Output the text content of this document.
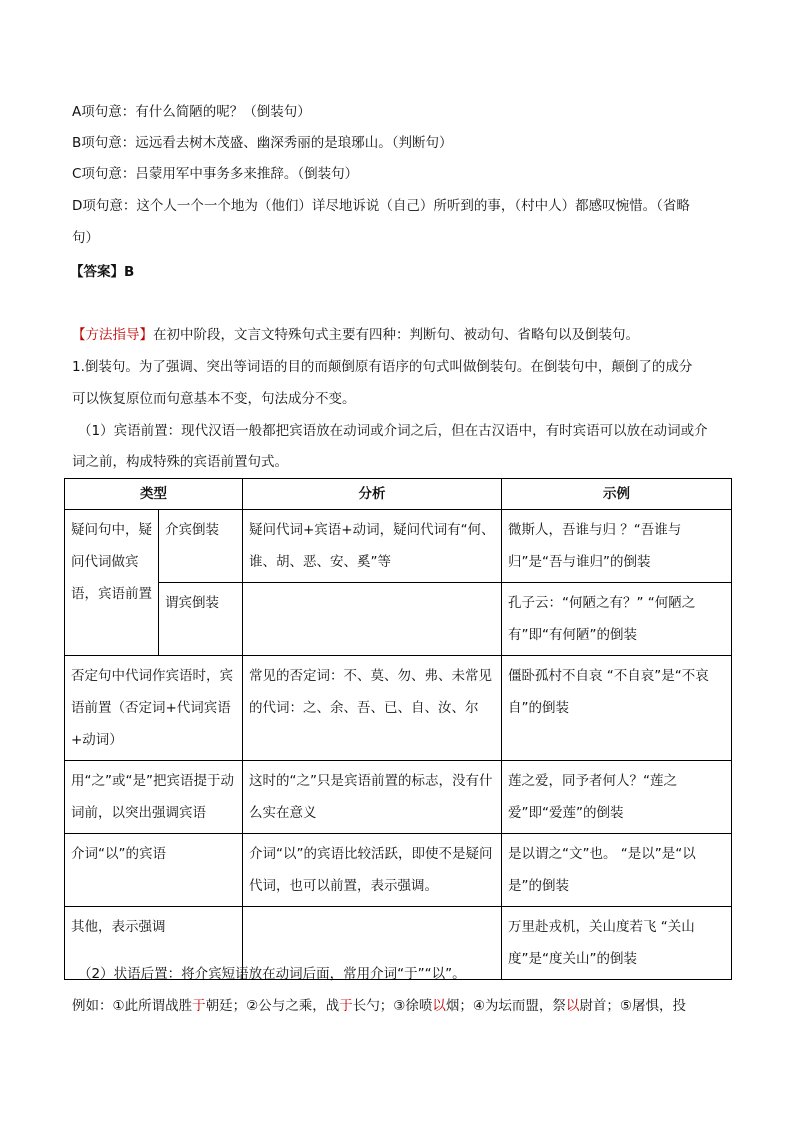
A项句意：有什么简陋的呢？（倒装句）
B项句意：远远看去树木茂盛、幽深秀丽的是琅琊山。（判断句）
C项句意：吕蒙用军中事务多来推辞。（倒装句）
D项句意：这个人一个一个地为（他们）详尽地诉说（自己）所听到的事，（村中人）都感叹惋惜。（省略
句）
【答案】B
【方法指导】在初中阶段，文言文特殊句式主要有四种：判断句、被动句、省略句以及倒装句。
1.倒装句。为了强调、突出等词语的目的而颠倒原有语序的句式叫做倒装句。在倒装句中，颠倒了的成分
可以恢复原位而句意基本不变，句法成分不变。
（1）宾语前置：现代汉语一般都把宾语放在动词或介词之后，但在古汉语中，有时宾语可以放在动词或介
词之前，构成特殊的宾语前置句式。
类型		分析	示例
疑问句中，疑问代词做宾语，宾语前置	介宾倒装	疑问代词+宾语+动词，疑问代词有“何、谁、胡、恶、安、奚”等	微斯人，吾谁与归 ？“吾谁与归”是“吾与谁归”的倒装
	谓宾倒装		孔子云：“何陋之有？” “何陋之有”即“有何陋”的倒装
否定句中代词作宾语时，宾语前置（否定词+代词宾语+动词）		常见的否定词：不、莫、勿、弗、未常见的代词：之、余、吾、已、自、汝、尔	僵卧孤村不自哀 “不自哀”是“不哀自”的倒装
用“之”或“是”把宾语提于动词前，以突出强调宾语		这时的“之”只是宾语前置的标志，没有什么实在意义	莲之爱，同予者何人？“莲之爱”即“爱莲”的倒装
介词“以”的宾语		介词“以”的宾语比较活跃，即使不是疑问代词，也可以前置，表示强调。	是以谓之“文”也。 “是以”是“以是”的倒装
其他，表示强调			万里赴戎机，关山度若飞 “关山度”是“度关山”的倒装
（2）状语后置：将介宾短语放在动词后面，常用介词“于”“以”。
例如：①此所谓战胜于朝廷；②公与之乘，战于长勺；③徐喷以烟；④为坛而盟，祭以尉首；⑤屠惧，投
